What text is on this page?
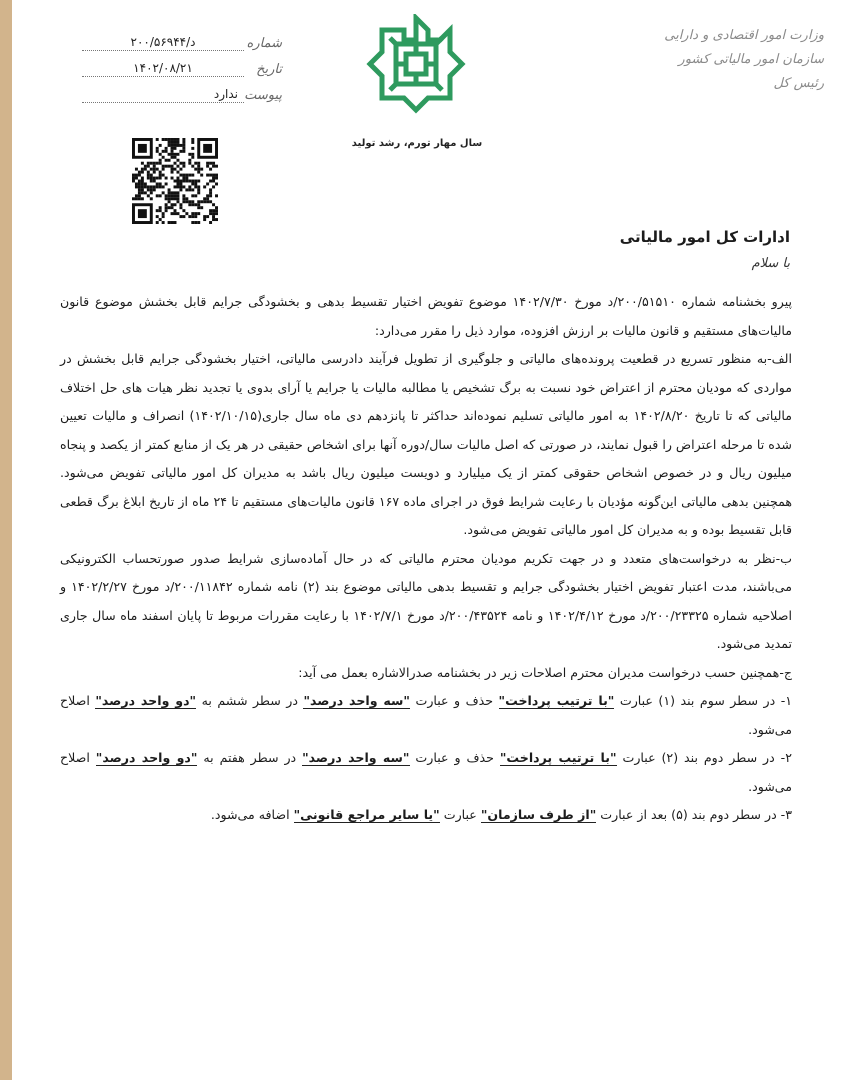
وزارت امور اقتصادی و دارایی
سازمان امور مالیاتی کشور
رئیس کل
سال مهار تورم، رشد تولید
شماره
۲۰۰/۵۶۹۴۴/د
تاریخ
۱۴۰۲/۰۸/۲۱
پیوست
ندارد
ادارات کل امور مالیاتی
با سلام

پیرو بخشنامه شماره ۲۰۰/۵۱۵۱۰/د مورخ ۱۴۰۲/۷/۳۰ موضوع تفویض اختیار تقسیط بدهی و بخشودگی جرایم قابل بخشش موضوع قانون مالیات‌های مستقیم و قانون مالیات بر ارزش افزوده، موارد ذیل را مقرر می‌دارد:

الف-به منظور تسریع در قطعیت پرونده‌های مالیاتی و جلوگیری از تطویل فرآیند دادرسی مالیاتی، اختیار بخشودگی جرایم قابل بخشش در مواردی که مودیان محترم از اعتراض خود نسبت به برگ تشخیص یا مطالبه مالیات یا جرایم یا آرای بدوی یا تجدید نظر هیات های حل اختلاف مالیاتی که تا تاریخ ۱۴۰۲/۸/۲۰ به امور مالیاتی تسلیم نموده‌اند حداکثر تا پانزدهم دی ماه سال جاری(۱۴۰۲/۱۰/۱۵) انصراف و مالیات تعیین شده تا مرحله اعتراض را قبول نمایند، در صورتی که اصل مالیات سال/دوره آنها برای اشخاص حقیقی در هر یک از منابع کمتر از یکصد و پنجاه میلیون ریال و در خصوص اشخاص حقوقی کمتر از یک میلیارد و دویست میلیون ریال باشد به مدیران کل امور مالیاتی تفویض می‌شود. همچنین بدهی مالیاتی این‌گونه مؤدیان با رعایت شرایط فوق در اجرای ماده ۱۶۷ قانون مالیات‌های مستقیم تا ۲۴ ماه از تاریخ ابلاغ برگ قطعی قابل تقسیط بوده و به مدیران کل امور مالیاتی تفویض می‌شود.

ب-نظر به درخواست‌های متعدد و در جهت تکریم مودیان محترم مالیاتی که در حال آماده‌سازی شرایط صدور صورتحساب الکترونیکی می‌باشند، مدت اعتبار تفویض اختیار بخشودگی جرایم و تقسیط بدهی مالیاتی موضوع بند (۲) نامه شماره ۲۰۰/۱۱۸۴۲/د مورخ ۱۴۰۲/۲/۲۷ و اصلاحیه شماره ۲۰۰/۲۳۳۲۵/د مورخ ۱۴۰۲/۴/۱۲ و نامه ۲۰۰/۴۳۵۲۴/د مورخ ۱۴۰۲/۷/۱ با رعایت مقررات مربوط تا پایان اسفند ماه سال جاری تمدید می‌شود.

ج-همچنین حسب درخواست مدیران محترم اصلاحات زیر در بخشنامه صدرالاشاره بعمل می آید:

۱- در سطر سوم بند (۱) عبارت "با ترتیب پرداخت" حذف و عبارت "سه واحد درصد" در سطر ششم به "دو واحد درصد" اصلاح می‌شود.

۲- در سطر دوم بند (۲) عبارت "با ترتیب پرداخت" حذف و عبارت "سه واحد درصد" در سطر هفتم به "دو واحد درصد" اصلاح می‌شود.

۳- در سطر دوم بند (۵) بعد از عبارت "از طرف سازمان" عبارت "یا سایر مراجع قانونی" اضافه می‌شود.
